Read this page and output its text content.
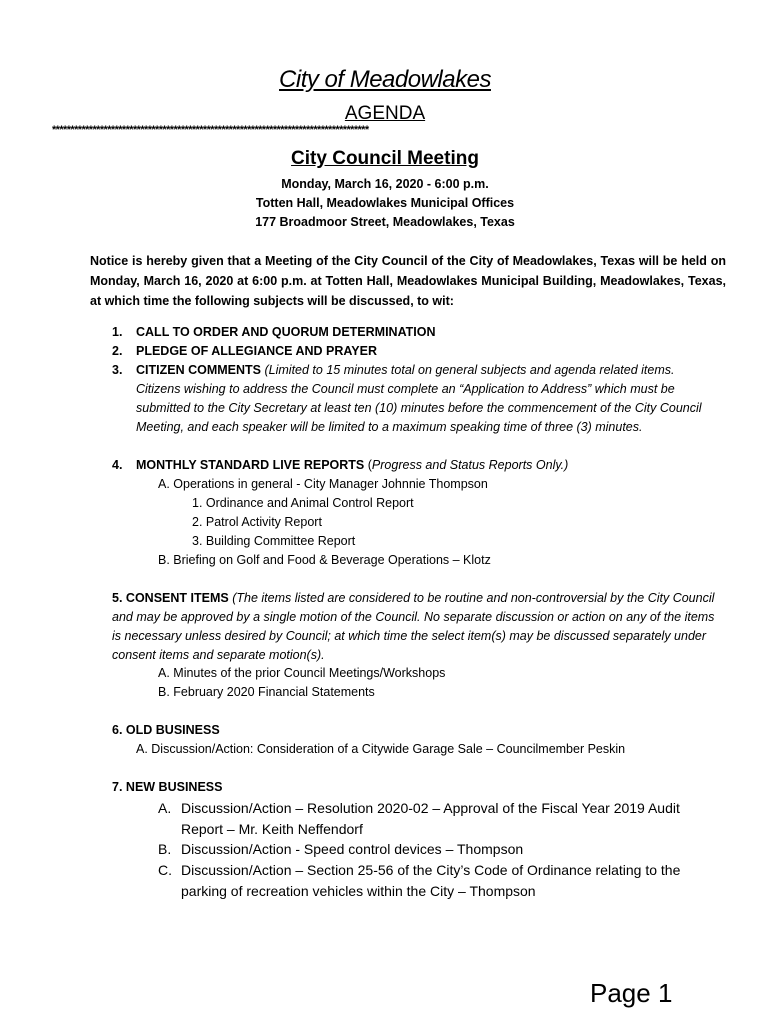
City of Meadowlakes
AGENDA
**************************************************************************************
City Council Meeting
Monday, March 16, 2020 - 6:00 p.m.
Totten Hall, Meadowlakes Municipal Offices
177 Broadmoor Street, Meadowlakes, Texas
Notice is hereby given that a Meeting of the City Council of the City of Meadowlakes, Texas will be held on Monday, March 16, 2020 at 6:00 p.m. at Totten Hall, Meadowlakes Municipal Building, Meadowlakes, Texas, at which time the following subjects will be discussed, to wit:
1. CALL TO ORDER AND QUORUM DETERMINATION
2. PLEDGE OF ALLEGIANCE AND PRAYER
3. CITIZEN COMMENTS (Limited to 15 minutes total on general subjects and agenda related items. Citizens wishing to address the Council must complete an “Application to Address” which must be submitted to the City Secretary at least ten (10) minutes before the commencement of the City Council Meeting, and each speaker will be limited to a maximum speaking time of three (3) minutes.
4. MONTHLY STANDARD LIVE REPORTS (Progress and Status Reports Only.)
A. Operations in general - City Manager Johnnie Thompson
1. Ordinance and Animal Control Report
2. Patrol Activity Report
3. Building Committee Report
B. Briefing on Golf and Food & Beverage Operations – Klotz
5. CONSENT ITEMS (The items listed are considered to be routine and non-controversial by the City Council and may be approved by a single motion of the Council. No separate discussion or action on any of the items is necessary unless desired by Council; at which time the select item(s) may be discussed separately under consent items and separate motion(s).
A. Minutes of the prior Council Meetings/Workshops
B. February 2020 Financial Statements
6. OLD BUSINESS
A. Discussion/Action: Consideration of a Citywide Garage Sale – Councilmember Peskin
7. NEW BUSINESS
A. Discussion/Action – Resolution 2020-02 – Approval of the Fiscal Year 2019 Audit Report – Mr. Keith Neffendorf
B. Discussion/Action - Speed control devices – Thompson
C. Discussion/Action – Section 25-56 of the City’s Code of Ordinance relating to the parking of recreation vehicles within the City – Thompson
Page 1
